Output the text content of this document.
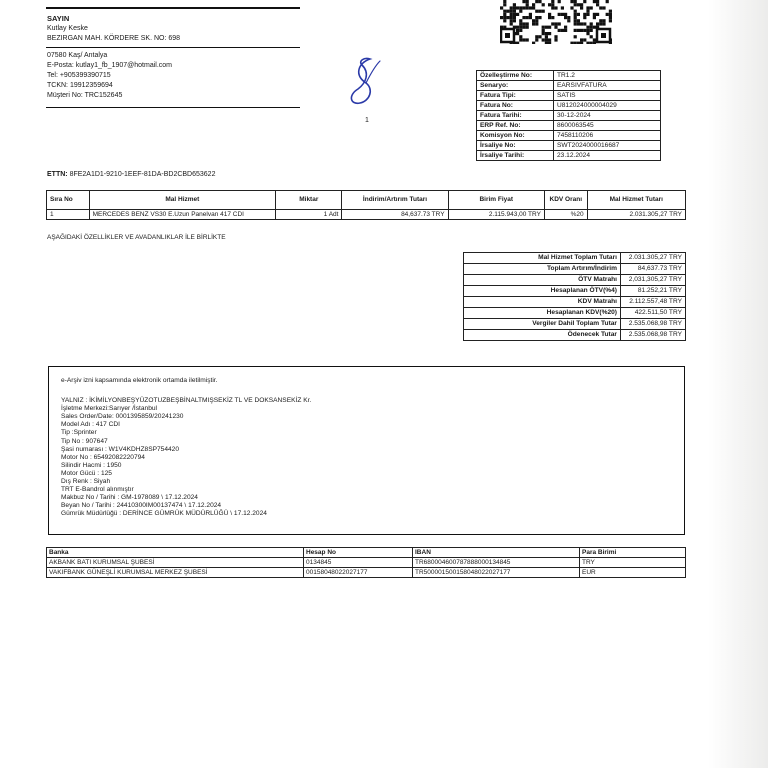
SAYIN
Kutlay Keske
BEZIRGAN MAH. KÖRDERE SK. NO: 698
07580 Kaş/ Antalya
E-Posta: kutlay1_fb_1907@hotmail.com
Tel: +905399390715
TCKN: 19912359694
Müşteri No: TRC152645
1
Özelleştirme No:	TR1.2
Senaryo:	EARSIVFATURA
Fatura Tipi:	SATIS
Fatura No:	U812024000004029
Fatura Tarihi:	30-12-2024
ERP Ref. No:	8600063545
Komisyon No:	7458110206
İrsaliye No:	SWT2024000016687
İrsaliye Tarihi:	23.12.2024
ETTN: 8FE2A1D1-9210-1EEF-81DA-BD2CBD653622
Sıra No	Mal Hizmet	Miktar	İndirim/Artırım Tutarı	Birim Fiyat	KDV Oranı	Mal Hizmet Tutarı
1	MERCEDES BENZ VS30 E.Uzun Panelvan 417 CDI	1 Adt	84,637.73 TRY	2.115.943,00 TRY	%20	2.031.305,27 TRY
AŞAĞIDAKİ ÖZELLİKLER VE AVADANLIKLAR İLE BİRLİKTE
Mal Hizmet Toplam Tutarı	2.031.305,27 TRY
Toplam Artırım/İndirim	84,637.73 TRY
ÖTV Matrahı	2,031,305,27 TRY
Hesaplanan ÖTV(%4)	81.252,21 TRY
KDV Matrahı	2.112.557,48 TRY
Hesaplanan KDV(%20)	422.511,50 TRY
Vergiler Dahil Toplam Tutar	2.535.068,98 TRY
Ödenecek Tutar	2.535.068,98 TRY
e-Arşiv izni kapsamında elektronik ortamda iletilmiştir.
YALNIZ : İKİMİLYONBEŞYÜZOTUZBEŞBİNALTMIŞSEKİZ TL VE DOKSANSEKİZ Kr.
İşletme Merkezi:Sarıyer /İstanbul
Sales Order/Date: 0001395859/20241230
Model Adı : 417 CDI
Tip :Sprinter
Tip No : 907647
Şasi numarası : W1V4KDHZ8SP754420
Motor No : 65492082220794
Silindir Hacmi : 1950
Motor Gücü : 125
Dış Renk : Siyah
TRT E-Bandrol alınmıştır
Makbuz No / Tarihi : GM-1978089 \ 17.12.2024
Beyan No / Tarihi : 24410300IM00137474 \ 17.12.2024
Gümrük Müdürlüğü : DERİNCE GÜMRÜK MÜDÜRLÜĞÜ \ 17.12.2024
Banka	Hesap No	IBAN	Para Birimi
AKBANK BATI KURUMSAL ŞUBESİ	0134845	TR680004600787888000134845	TRY
VAKIFBANK GÜNEŞLİ KURUMSAL MERKEZ ŞUBESİ	00158048022027177	TR500001500158048022027177	EUR
